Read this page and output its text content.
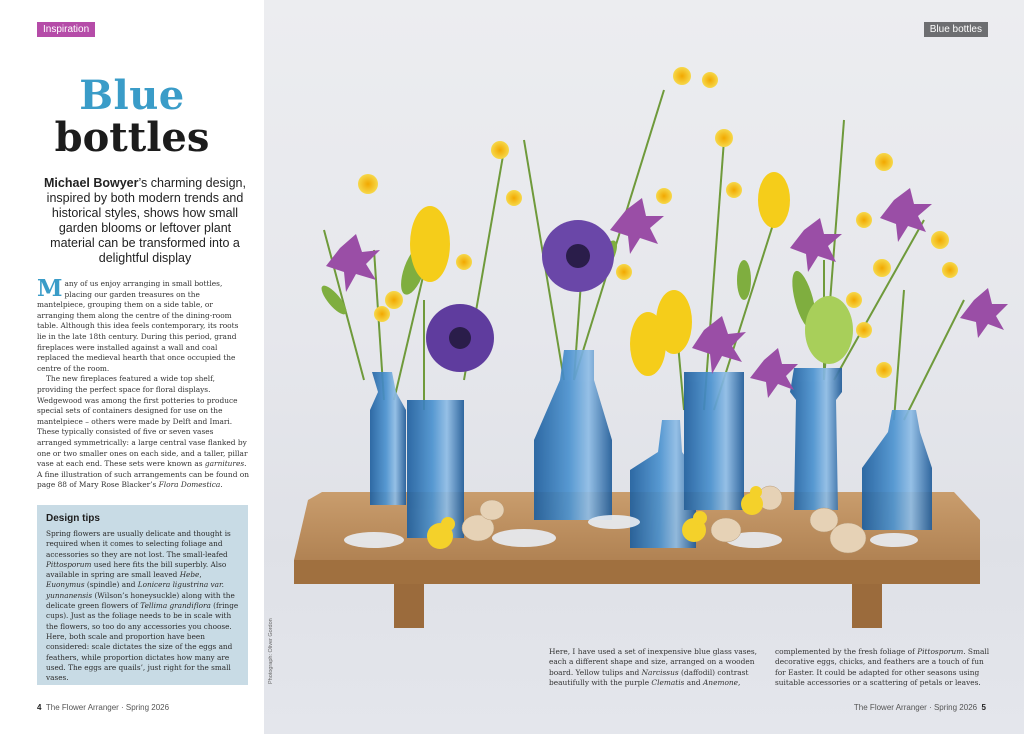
Inspiration
Blue
bottles
Michael Bowyer’s charming design, inspired by both modern trends and historical styles, shows how small garden blooms or leftover plant material can be transformed into a delightful display

Many of us enjoy arranging in small bottles, placing our garden treasures on the mantelpiece, grouping them on a side table, or arranging them along the centre of the dining-room table. Although this idea feels contemporary, its roots lie in the late 18th century. During this period, grand fireplaces were installed against a wall and coal replaced the medieval hearth that once occupied the centre of the room.

The new fireplaces featured a wide top shelf, providing the perfect space for floral displays. Wedgewood was among the first potteries to produce special sets of containers designed for use on the mantelpiece – others were made by Delft and Imari. These typically consisted of five or seven vases arranged symmetrically: a large central vase flanked by one or two smaller ones on each side, and a taller, pillar vase at each end. These sets were known as garnitures. A fine illustration of such arrangements can be found on page 88 of Mary Rose Blacker’s Flora Domestica.

Design tips
Spring flowers are usually delicate and thought is required when it comes to selecting foliage and accessories so they are not lost. The small-leafed Pittosporum used here fits the bill superbly. Also available in spring are small leaved Hebe, Euonymus (spindle) and Lonicera ligustrina var. yunnanensis (Wilson’s honeysuckle) along with the delicate green flowers of Tellima grandiflora (fringe cups). Just as the foliage needs to be in scale with the flowers, so too do any accessories you choose. Here, both scale and proportion have been considered: scale dictates the size of the eggs and feathers, while proportion dictates how many are used. The eggs are quails’, just right for the small vases.
4 The Flower Arranger · Spring 2026
Blue bottles
Photograph: Oliver Gordon	Here, I have used a set of inexpensive blue glass vases, each a different shape and size, arranged on a wooden board. Yellow tulips and Narcissus (daffodil) contrast beautifully with the purple Clematis and Anemone,
complemented by the fresh foliage of Pittosporum. Small decorative eggs, chicks, and feathers are a touch of fun for Easter. It could be adapted for other seasons using suitable accessories or a scattering of petals or leaves.
The Flower Arranger · Spring 2026 5
